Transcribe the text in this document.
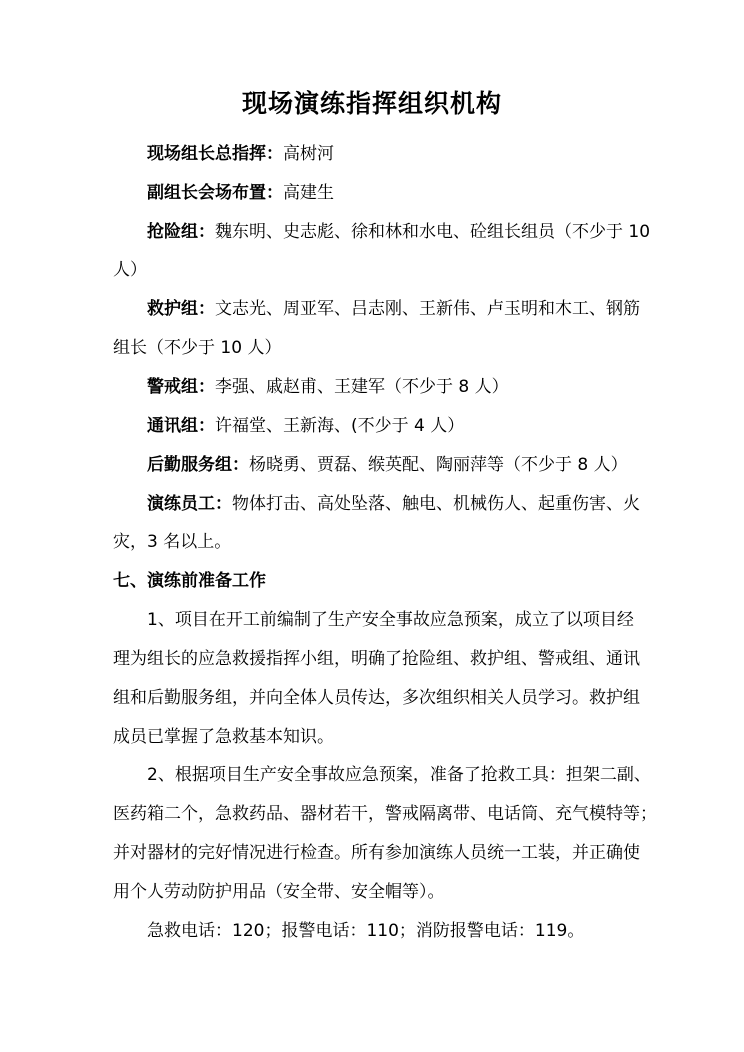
现场演练指挥组织机构
现场组长总指挥：高树河
副组长会场布置：高建生
抢险组：魏东明、史志彪、徐和林和水电、砼组长组员（不少于 10
人）
救护组：文志光、周亚军、吕志刚、王新伟、卢玉明和木工、钢筋
组长（不少于 10 人）
警戒组：李强、戚赵甫、王建军（不少于 8 人）
通讯组：许福堂、王新海、(不少于 4 人）
后勤服务组：杨晓勇、贾磊、缑英配、陶丽萍等（不少于 8 人）
演练员工：物体打击、高处坠落、触电、机械伤人、起重伤害、火
灾，3 名以上。
七、演练前准备工作
1、项目在开工前编制了生产安全事故应急预案，成立了以项目经
理为组长的应急救援指挥小组，明确了抢险组、救护组、警戒组、通讯
组和后勤服务组，并向全体人员传达，多次组织相关人员学习。救护组
成员已掌握了急救基本知识。
2、根据项目生产安全事故应急预案，准备了抢救工具：担架二副、
医药箱二个，急救药品、器材若干，警戒隔离带、电话筒、充气模特等；
并对器材的完好情况进行检查。所有参加演练人员统一工装，并正确使
用个人劳动防护用品（安全带、安全帽等）。
急救电话：120；报警电话：110；消防报警电话：119。
